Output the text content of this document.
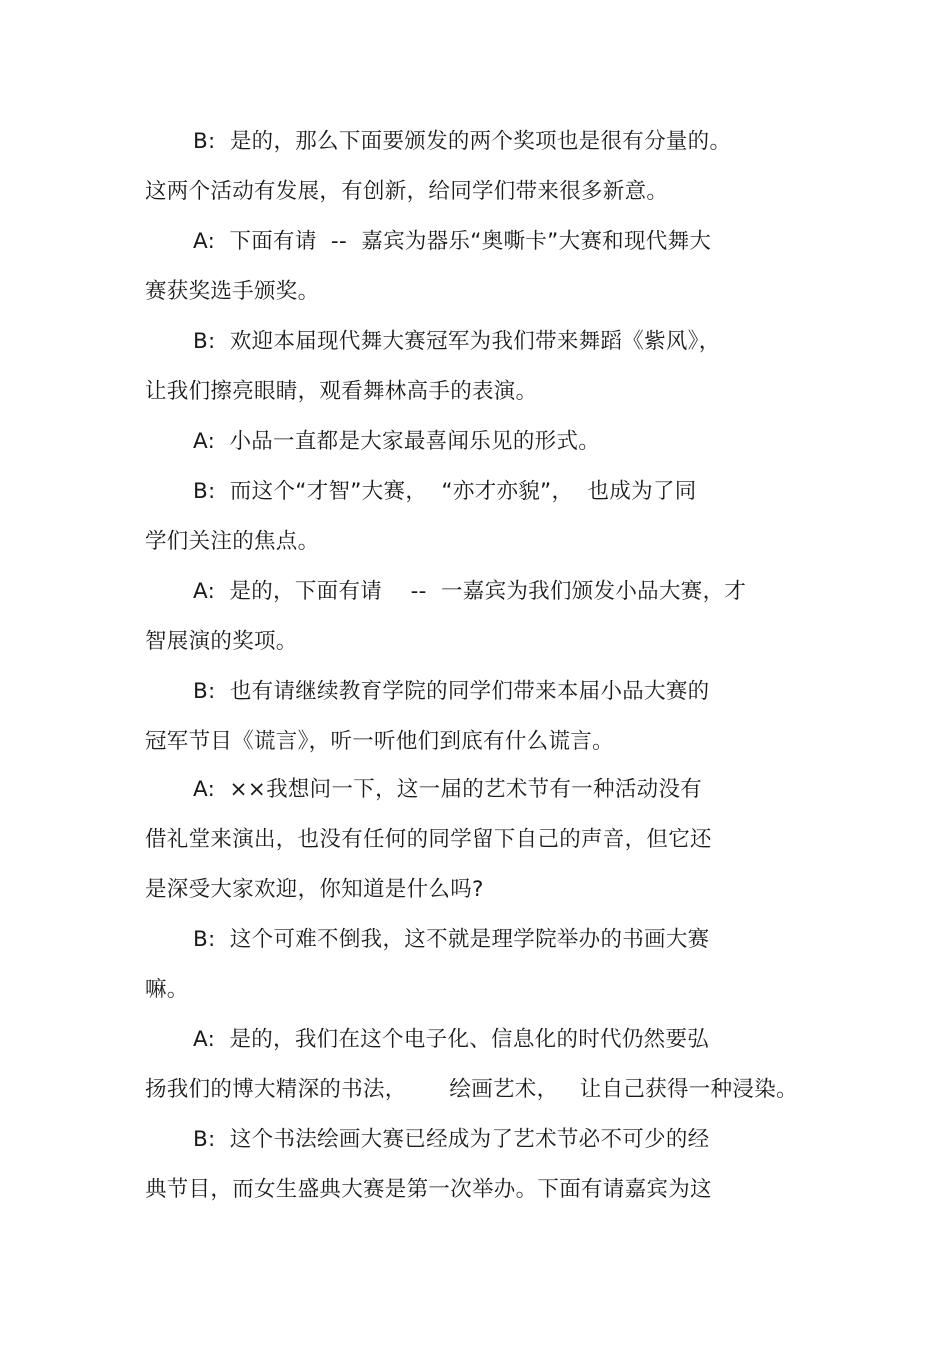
B:  是的，那么下面要颁发的两个奖项也是很有分量的。
这两个活动有发展，有创新，给同学们带来很多新意。
A:  下面有请  --  嘉宾为器乐“奥嘶卡”大赛和现代舞大
赛获奖选手颁奖。
B:  欢迎本届现代舞大赛冠军为我们带来舞蹈《紫风》，
让我们擦亮眼睛，观看舞林高手的表演。
A:  小品一直都是大家最喜闻乐见的形式。
B:  而这个“才智”大赛，  “亦才亦貌”，  也成为了同
学们关注的焦点。
A:  是的，下面有请    --  一嘉宾为我们颁发小品大赛，才
智展演的奖项。
B:  也有请继续教育学院的同学们带来本届小品大赛的
冠军节目《谎言》，听一听他们到底有什么谎言。
A:  ××我想问一下，这一届的艺术节有一种活动没有
借礼堂来演出，也没有任何的同学留下自己的声音，但它还
是深受大家欢迎，你知道是什么吗?
B:  这个可难不倒我，这不就是理学院举办的书画大赛
嘛。
A:  是的，我们在这个电子化、信息化的时代仍然要弘
扬我们的博大精深的书法，      绘画艺术，   让自己获得一种浸染。
B:  这个书法绘画大赛已经成为了艺术节必不可少的经
典节目，而女生盛典大赛是第一次举办。下面有请嘉宾为这
